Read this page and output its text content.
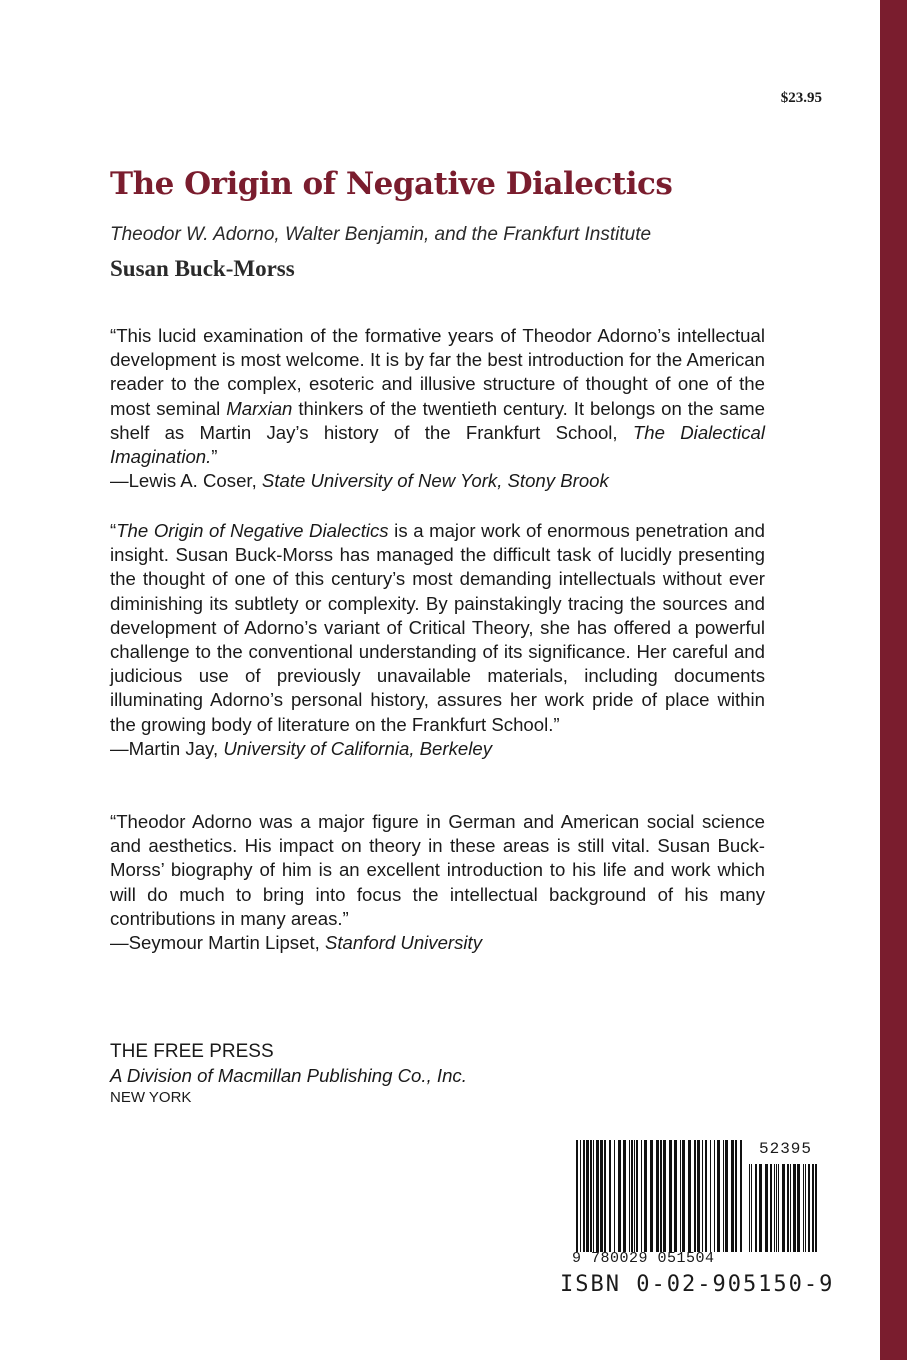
$23.95
The Origin of Negative Dialectics
Theodor W. Adorno, Walter Benjamin, and the Frankfurt Institute
Susan Buck-Morss

“This lucid examination of the formative years of Theodor Adorno’s intellectual development is most welcome. It is by far the best introduction for the American reader to the complex, esoteric and illusive structure of thought of one of the most seminal Marxian thinkers of the twentieth century. It belongs on the same shelf as Martin Jay’s history of the Frankfurt School, The Dialectical Imagination.”

—Lewis A. Coser, State University of New York, Stony Brook

“The Origin of Negative Dialectics is a major work of enormous penetration and insight. Susan Buck-Morss has managed the difficult task of lucidly presenting the thought of one of this century’s most demanding intellectuals without ever diminishing its subtlety or complexity. By painstakingly tracing the sources and development of Adorno’s variant of Critical Theory, she has offered a powerful challenge to the conventional understanding of its significance. Her careful and judicious use of previously unavailable materials, including documents illuminating Adorno’s personal history, assures her work pride of place within the growing body of literature on the Frankfurt School.”

—Martin Jay, University of California, Berkeley

“Theodor Adorno was a major figure in German and American social science and aesthetics. His impact on theory in these areas is still vital. Susan Buck-Morss’ biography of him is an excellent introduction to his life and work which will do much to bring into focus the intellectual background of his many contributions in many areas.”

—Seymour Martin Lipset, Stanford University
THE FREE PRESS
A Division of Macmillan Publishing Co., Inc.
NEW YORK
52395
9 780029 051504
ISBN 0-02-905150-9
